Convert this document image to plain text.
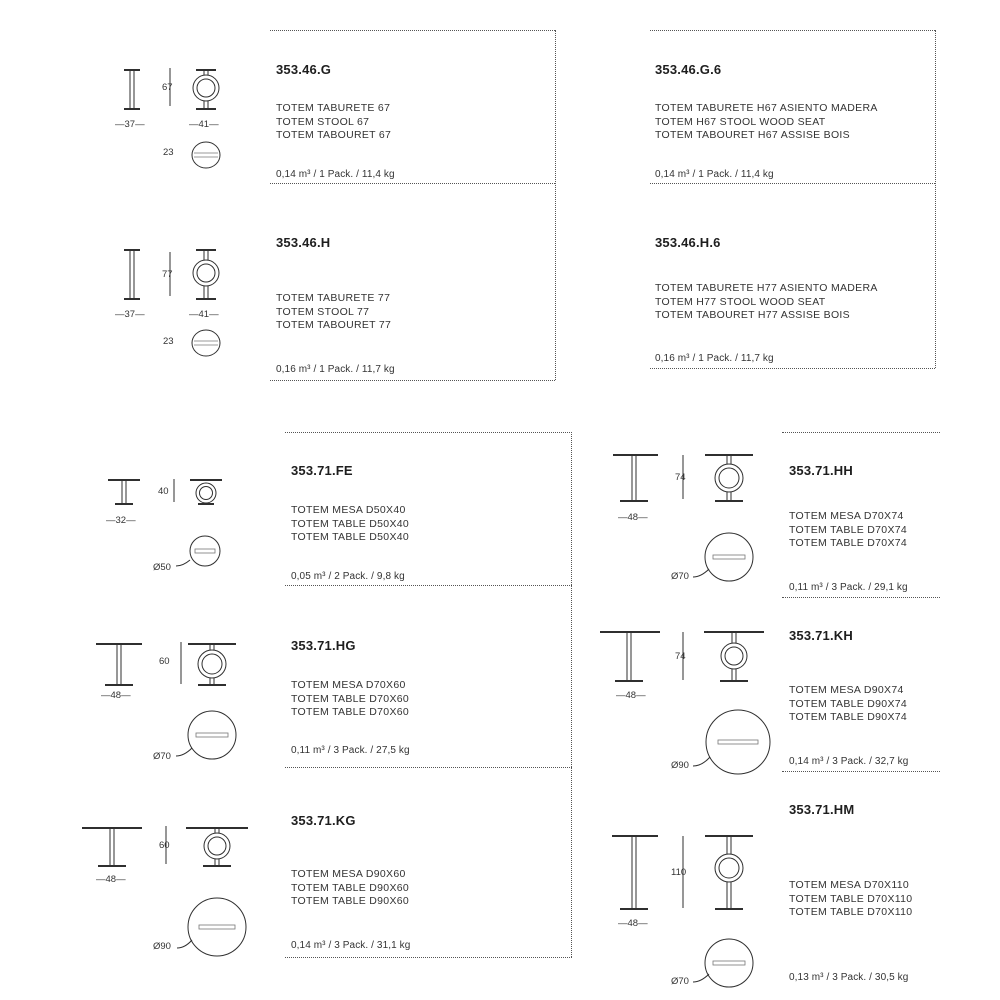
—37—
67
—41—
23
—37—
77
—41—
23
—32—
40
Ø50
—48—
60
Ø70
—48—
60
Ø90
—48—
74
Ø70
—48—
74
Ø90
—48—
110
Ø70
353.46.G
TOTEM TABURETE 67
TOTEM STOOL 67
TOTEM TABOURET 67
0,14 m³ / 1 Pack. / 11,4 kg
353.46.G.6
TOTEM TABURETE H67 ASIENTO MADERA
TOTEM H67 STOOL WOOD SEAT
TOTEM TABOURET H67 ASSISE BOIS
0,14 m³ / 1 Pack. / 11,4 kg
353.46.H
TOTEM TABURETE 77
TOTEM STOOL 77
TOTEM TABOURET 77
0,16 m³ / 1 Pack. / 11,7 kg
353.46.H.6
TOTEM TABURETE H77 ASIENTO MADERA
TOTEM H77 STOOL WOOD SEAT
TOTEM TABOURET H77 ASSISE BOIS
0,16 m³ / 1 Pack. / 11,7 kg
353.71.FE
TOTEM MESA D50X40
TOTEM TABLE D50X40
TOTEM TABLE D50X40
0,05 m³ / 2 Pack. / 9,8 kg
353.71.HG
TOTEM MESA D70X60
TOTEM TABLE D70X60
TOTEM TABLE D70X60
0,11 m³ / 3 Pack. / 27,5 kg
353.71.KG
TOTEM MESA D90X60
TOTEM TABLE D90X60
TOTEM TABLE D90X60
0,14 m³ / 3 Pack. / 31,1 kg
353.71.HH
TOTEM MESA D70X74
TOTEM TABLE D70X74
TOTEM TABLE D70X74
0,11 m³ / 3 Pack. / 29,1 kg
353.71.KH
TOTEM MESA D90X74
TOTEM TABLE D90X74
TOTEM TABLE D90X74
0,14 m³ / 3 Pack. / 32,7 kg
353.71.HM
TOTEM MESA D70X110
TOTEM TABLE D70X110
TOTEM TABLE D70X110
0,13 m³ / 3 Pack. / 30,5 kg
